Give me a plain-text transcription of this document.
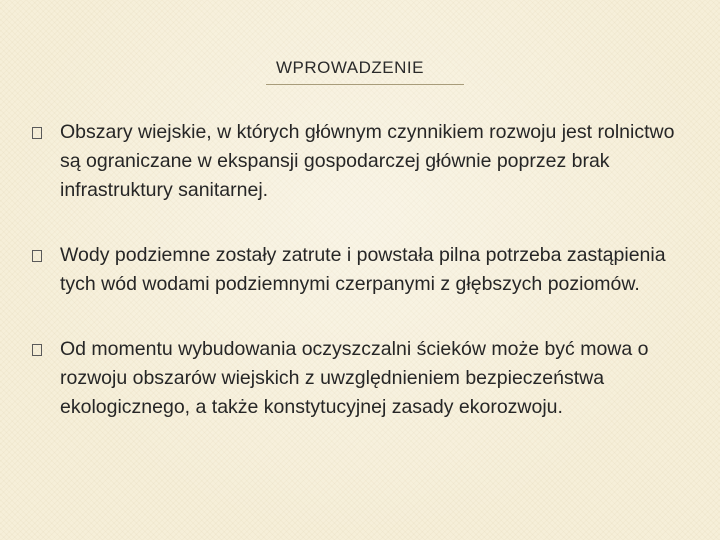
WPROWADZENIE
Obszary wiejskie, w których głównym czynnikiem rozwoju jest rolnictwo są ograniczane w ekspansji gospodarczej głównie poprzez brak infrastruktury sanitarnej.
Wody podziemne zostały zatrute i powstała pilna potrzeba zastąpienia tych wód wodami podziemnymi czerpanymi z głębszych poziomów.
Od momentu wybudowania oczyszczalni ścieków może być mowa o rozwoju obszarów wiejskich z uwzględnieniem bezpieczeństwa ekologicznego, a także konstytucyjnej zasady ekorozwoju.
